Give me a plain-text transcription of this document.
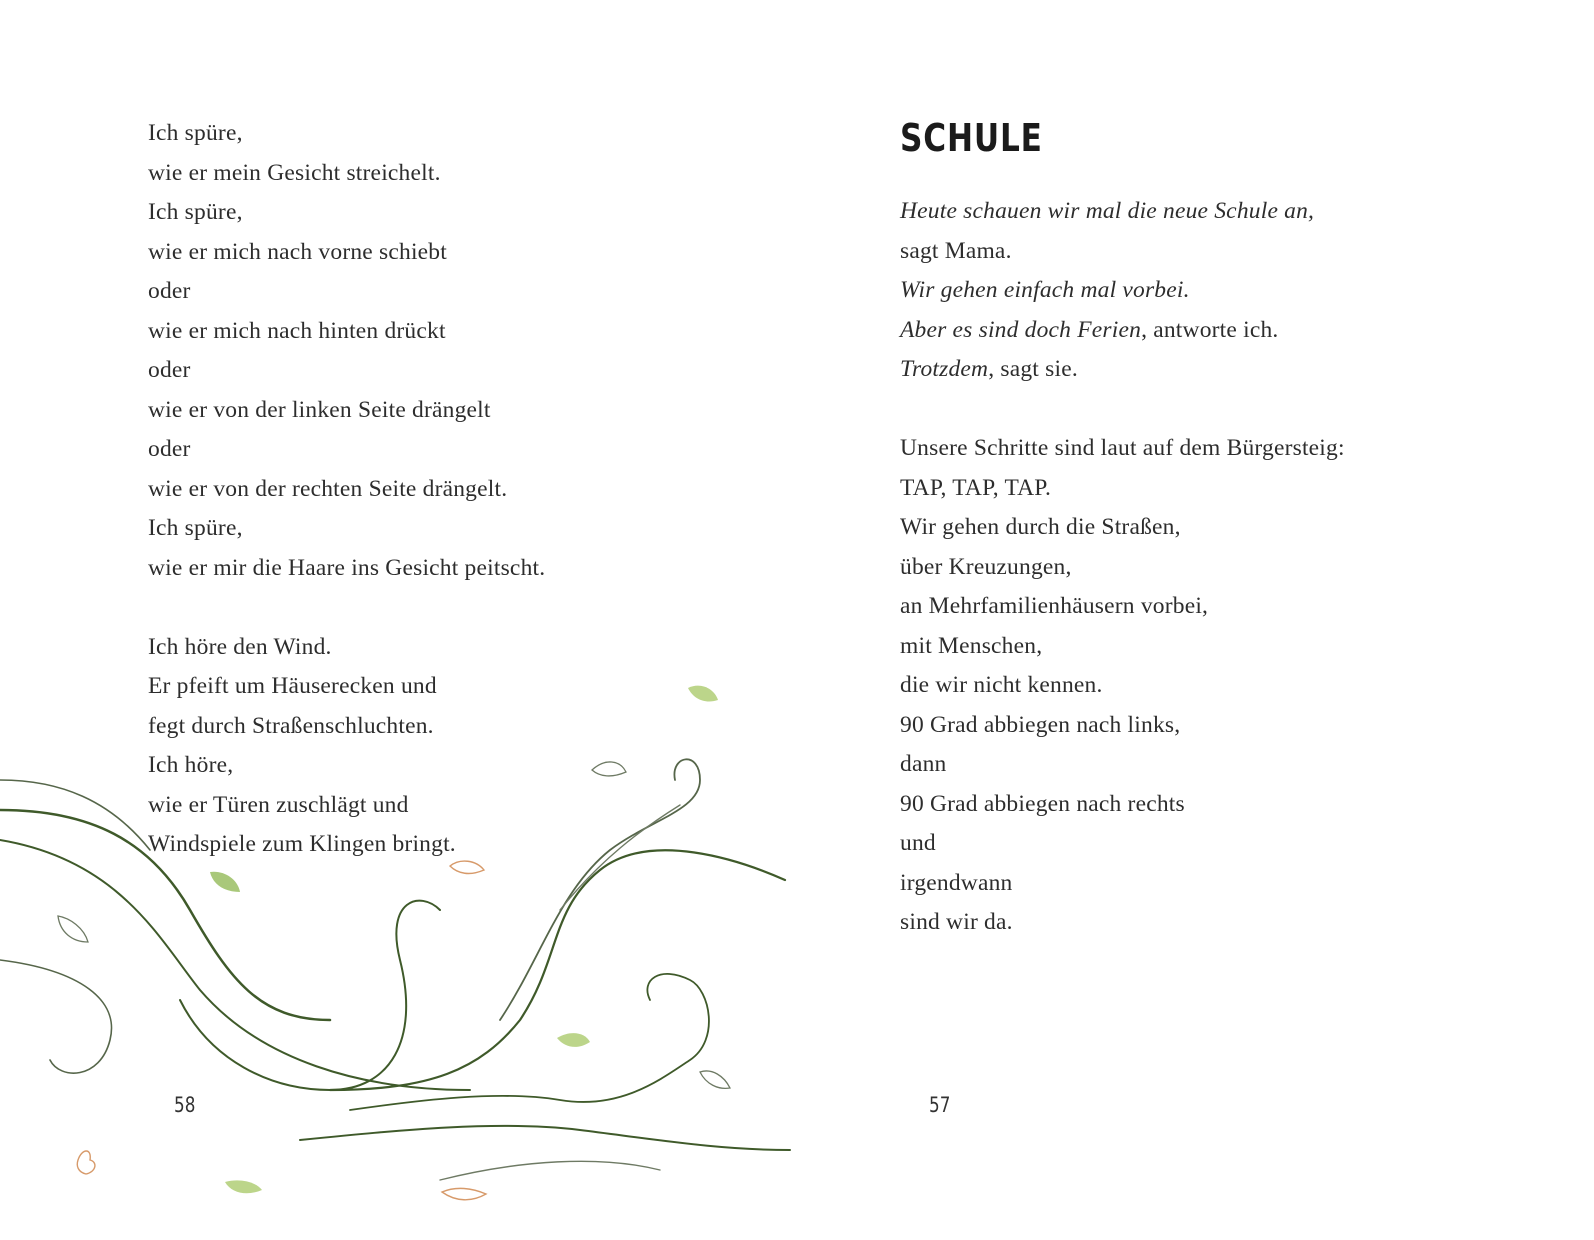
Ich spüre,
wie er mein Gesicht streichelt.
Ich spüre,
wie er mich nach vorne schiebt
oder
wie er mich nach hinten drückt
oder
wie er von der linken Seite drängelt
oder
wie er von der rechten Seite drängelt.
Ich spüre,
wie er mir die Haare ins Gesicht peitscht.
Ich höre den Wind.
Er pfeift um Häuserecken und
fegt durch Straßenschluchten.
Ich höre,
wie er Türen zuschlägt und
Windspiele zum Klingen bringt.
58
SCHULE
Heute schauen wir mal die neue Schule an,
sagt Mama.
Wir gehen einfach mal vorbei.
Aber es sind doch Ferien, antworte ich.
Trotzdem, sagt sie.
Unsere Schritte sind laut auf dem Bürgersteig:
TAP, TAP, TAP.
Wir gehen durch die Straßen,
über Kreuzungen,
an Mehrfamilienhäusern vorbei,
mit Menschen,
die wir nicht kennen.
90 Grad abbiegen nach links,
dann
90 Grad abbiegen nach rechts
und
irgendwann
sind wir da.
57
